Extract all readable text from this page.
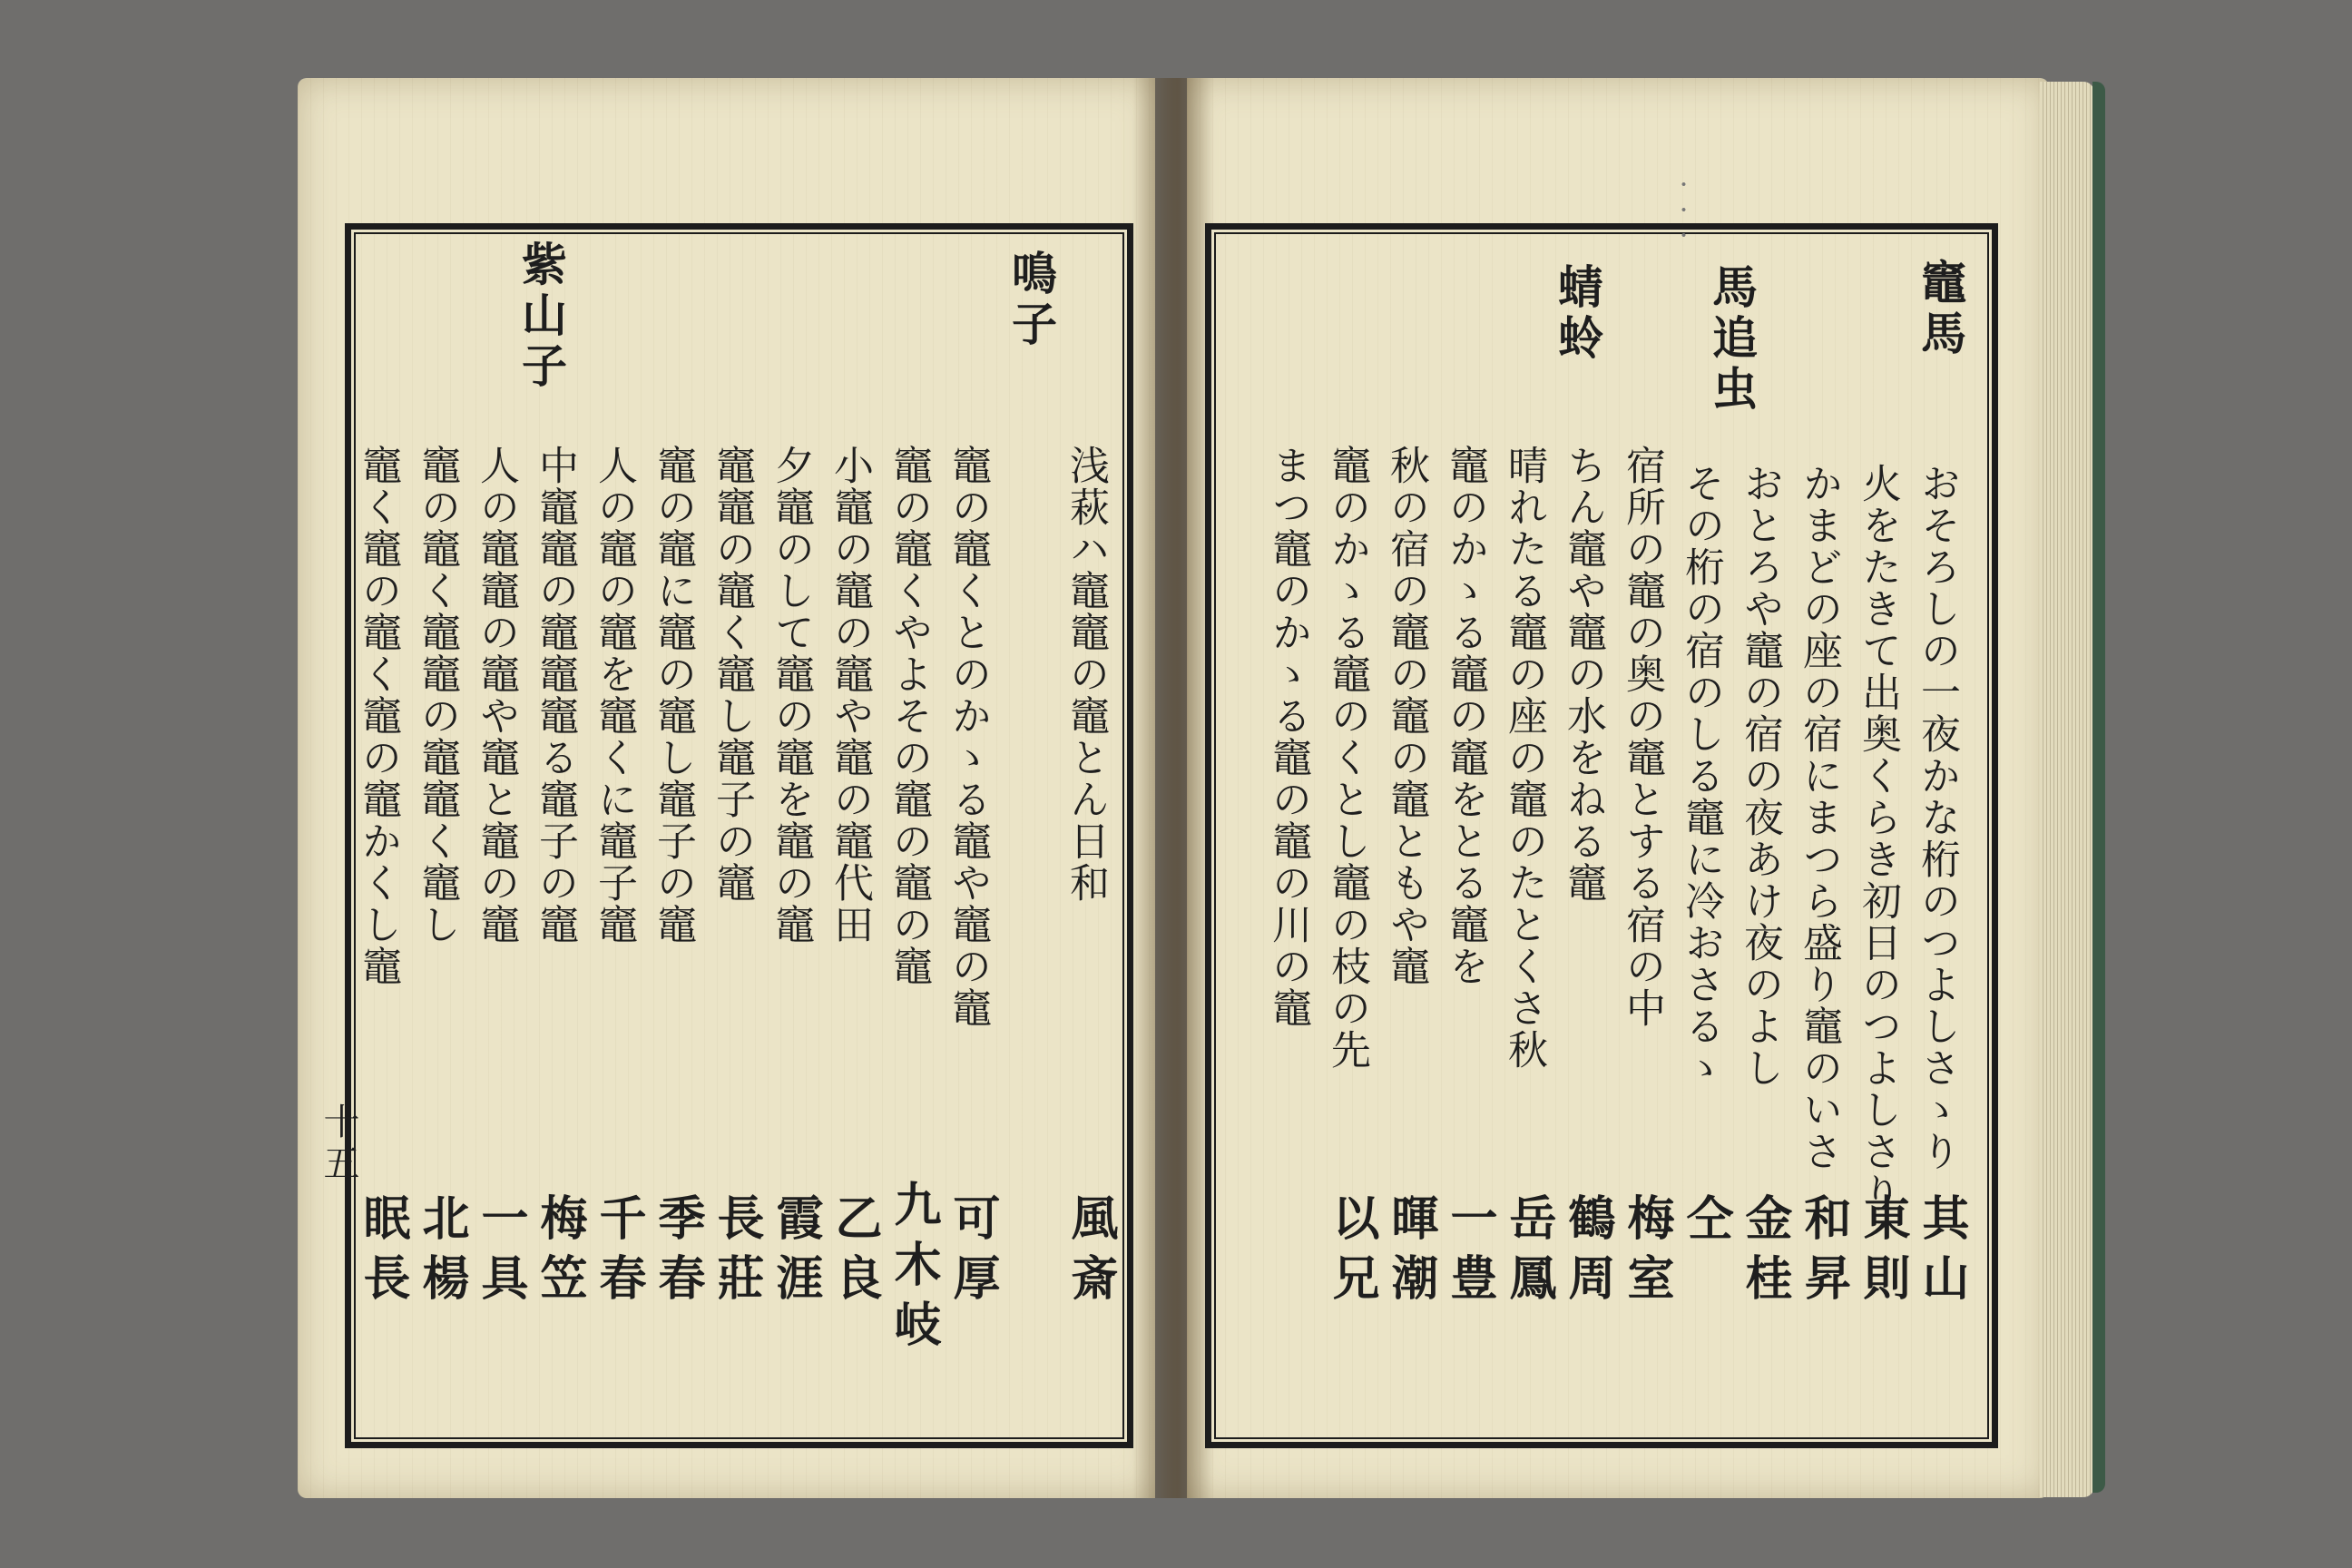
・・・
竈馬
おそろしの一夜かな桁のつよしさゝり
其山
火をたきて出奥くらき初日のつよしさり
東則
かまどの座の宿にまつら盛り竈のいさ
和昇
おとろや竈の宿の夜あけ夜のよし
金桂
その桁の宿のしる竈に冷おさるゝ
仝
馬追虫
宿所の竈の奥の竈とする宿の中
梅室
ちん竈や竈の水をねる竈
鶴周
晴れたる竈の座の竈のたとくさ秋
岳鳳
蜻蛉
竈のかゝる竈の竈をとる竈を
一豊
秋の宿の竈の竈の竈ともや竈
暉潮
竈のかゝる竈のくとし竈の枝の先
以兄
まつ竈のかゝる竈の竈の川の竈
浅萩ハ竈竈の竈とん日和
風斎
鳴子
竈の竈くとのかゝる竈や竈の竈
可厚
竈の竈くやよその竈の竈の竈
九木岐
小竈の竈の竈や竈の竈代田
乙良
夕竈のして竈の竈を竈の竈
霞涯
竈竈の竈く竈し竈子の竈
長莊
竈の竈に竈の竈し竈子の竈
季春
人の竈の竈を竈くに竈子竈
千春
中竈竈の竈竈竈る竈子の竈
梅笠
紫山子
人の竈竈の竈や竈と竈の竈
一具
竈の竈く竈竈の竈竈く竈し
北楊
竈く竈の竈く竈の竈かくし竈
眠長
十五
